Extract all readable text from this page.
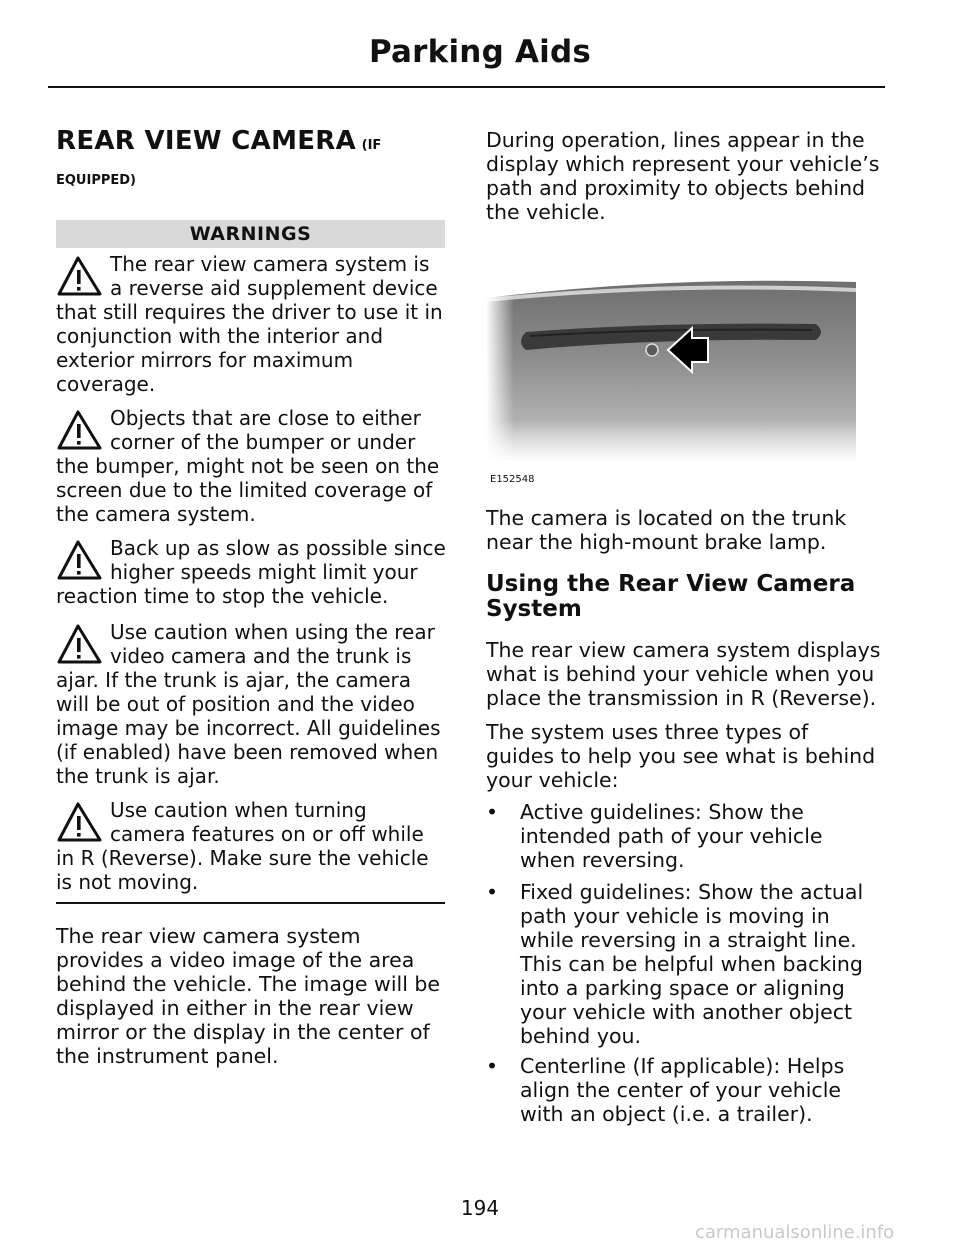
Parking Aids
REAR VIEW CAMERA (IF
EQUIPPED)
WARNINGS
The rear view camera system is a reverse aid supplement device that still requires the driver to use it in conjunction with the interior and exterior mirrors for maximum coverage.
Objects that are close to either corner of the bumper or under the bumper, might not be seen on the screen due to the limited coverage of the camera system.
Back up as slow as possible since higher speeds might limit your reaction time to stop the vehicle.
Use caution when using the rear video camera and the trunk is ajar. If the trunk is ajar, the camera will be out of position and the video image may be incorrect. All guidelines (if enabled) have been removed when the trunk is ajar.
Use caution when turning camera features on or off while in R (Reverse). Make sure the vehicle is not moving.
The rear view camera system provides a video image of the area behind the vehicle. The image will be displayed in either in the rear view mirror or the display in the center of the instrument panel.
During operation, lines appear in the display which represent your vehicle’s path and proximity to objects behind the vehicle.
E152548
The camera is located on the trunk near the high-mount brake lamp.
Using the Rear View Camera System
The rear view camera system displays what is behind your vehicle when you place the transmission in R (Reverse).
The system uses three types of guides to help you see what is behind your vehicle:
• Active guidelines: Show the intended path of your vehicle when reversing.
• Fixed guidelines: Show the actual path your vehicle is moving in while reversing in a straight line. This can be helpful when backing into a parking space or aligning your vehicle with another object behind you.
• Centerline (If applicable): Helps align the center of your vehicle with an object (i.e. a trailer).
194
carmanualsonline.info
